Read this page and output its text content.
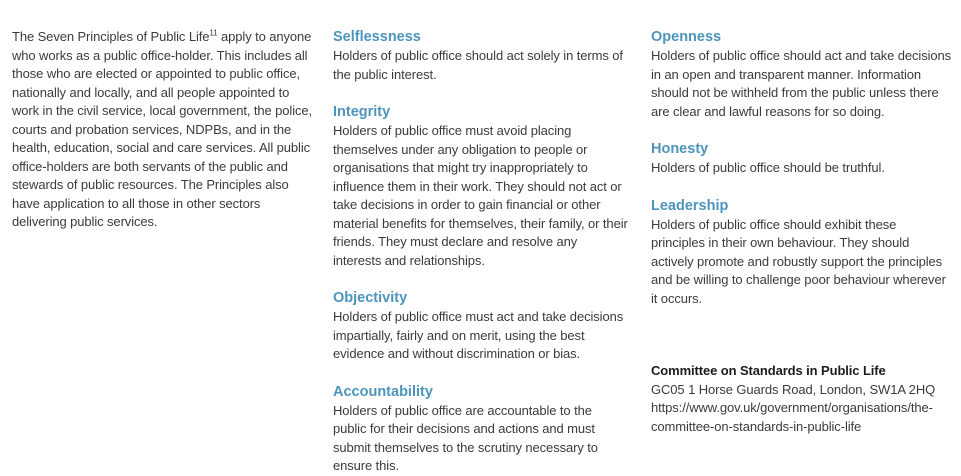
The Seven Principles of Public Life$^{11}$ apply to anyone who works as a public office-holder. This includes all those who are elected or appointed to public office, nationally and locally, and all people appointed to work in the civil service, local government, the police, courts and probation services, NDPBs, and in the health, education, social and care services. All public office-holders are both servants of the public and stewards of public resources. The Principles also have application to all those in other sectors delivering public services.

Selflessness

Holders of public office should act solely in terms of the public interest.

Integrity

Holders of public office must avoid placing themselves under any obligation to people or organisations that might try inappropriately to influence them in their work. They should not act or take decisions in order to gain financial or other material benefits for themselves, their family, or their friends. They must declare and resolve any interests and relationships.

Objectivity

Holders of public office must act and take decisions impartially, fairly and on merit, using the best evidence and without discrimination or bias.

Accountability

Holders of public office are accountable to the public for their decisions and actions and must submit themselves to the scrutiny necessary to ensure this.

Openness

Holders of public office should act and take decisions in an open and transparent manner. Information should not be withheld from the public unless there are clear and lawful reasons for so doing.

Honesty

Holders of public office should be truthful.

Leadership

Holders of public office should exhibit these principles in their own behaviour. They should actively promote and robustly support the principles and be willing to challenge poor behaviour wherever it occurs.

Committee on Standards in Public Life

GC05 1 Horse Guards Road, London, SW1A 2HQ

https://www.gov.uk/government/organisations/the-committee-on-standards-in-public-life
